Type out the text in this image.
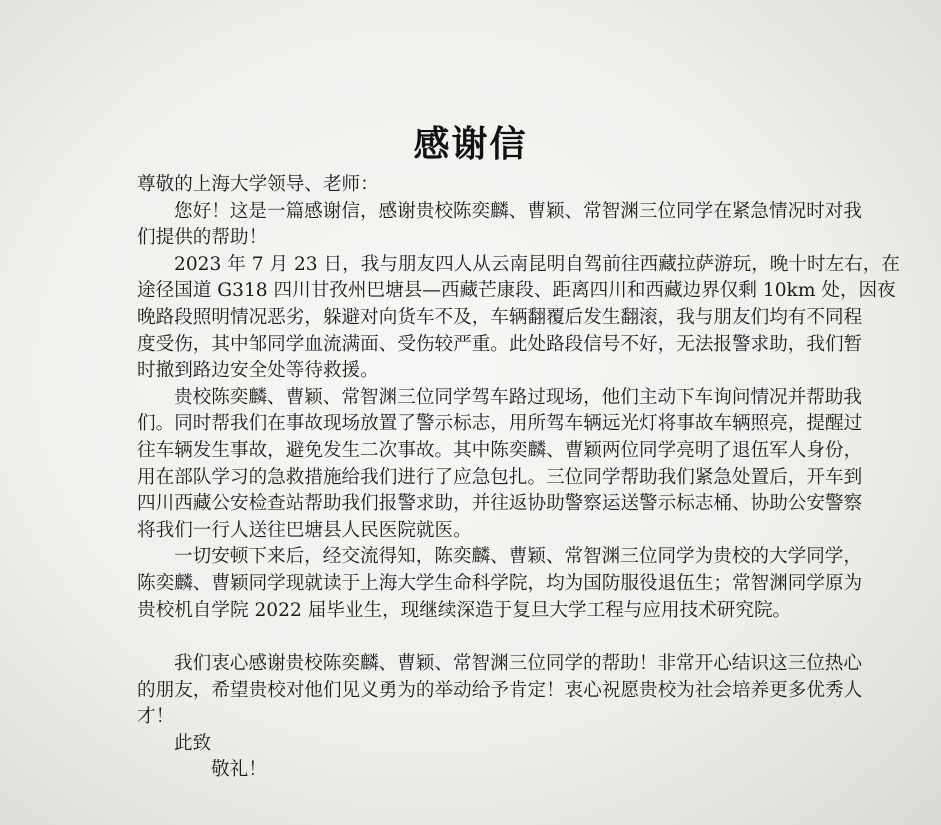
感谢信
尊敬的上海大学领导、老师：
您好！这是一篇感谢信，感谢贵校陈奕麟、曹颖、常智渊三位同学在紧急情况时对我
们提供的帮助！
2023 年 7 月 23 日，我与朋友四人从云南昆明自驾前往西藏拉萨游玩，晚十时左右，在
途径国道 G318 四川甘孜州巴塘县—西藏芒康段、距离四川和西藏边界仅剩 10km 处，因夜
晚路段照明情况恶劣，躲避对向货车不及，车辆翻覆后发生翻滚，我与朋友们均有不同程
度受伤，其中邹同学血流满面、受伤较严重。此处路段信号不好，无法报警求助，我们暂
时撤到路边安全处等待救援。
贵校陈奕麟、曹颖、常智渊三位同学驾车路过现场，他们主动下车询问情况并帮助我
们。同时帮我们在事故现场放置了警示标志，用所驾车辆远光灯将事故车辆照亮，提醒过
往车辆发生事故，避免发生二次事故。其中陈奕麟、曹颖两位同学亮明了退伍军人身份，
用在部队学习的急救措施给我们进行了应急包扎。三位同学帮助我们紧急处置后，开车到
四川西藏公安检查站帮助我们报警求助，并往返协助警察运送警示标志桶、协助公安警察
将我们一行人送往巴塘县人民医院就医。
一切安顿下来后，经交流得知，陈奕麟、曹颖、常智渊三位同学为贵校的大学同学，
陈奕麟、曹颖同学现就读于上海大学生命科学院，均为国防服役退伍生；常智渊同学原为
贵校机自学院 2022 届毕业生，现继续深造于复旦大学工程与应用技术研究院。
我们衷心感谢贵校陈奕麟、曹颖、常智渊三位同学的帮助！非常开心结识这三位热心
的朋友，希望贵校对他们见义勇为的举动给予肯定！衷心祝愿贵校为社会培养更多优秀人
才！
此致
敬礼！
